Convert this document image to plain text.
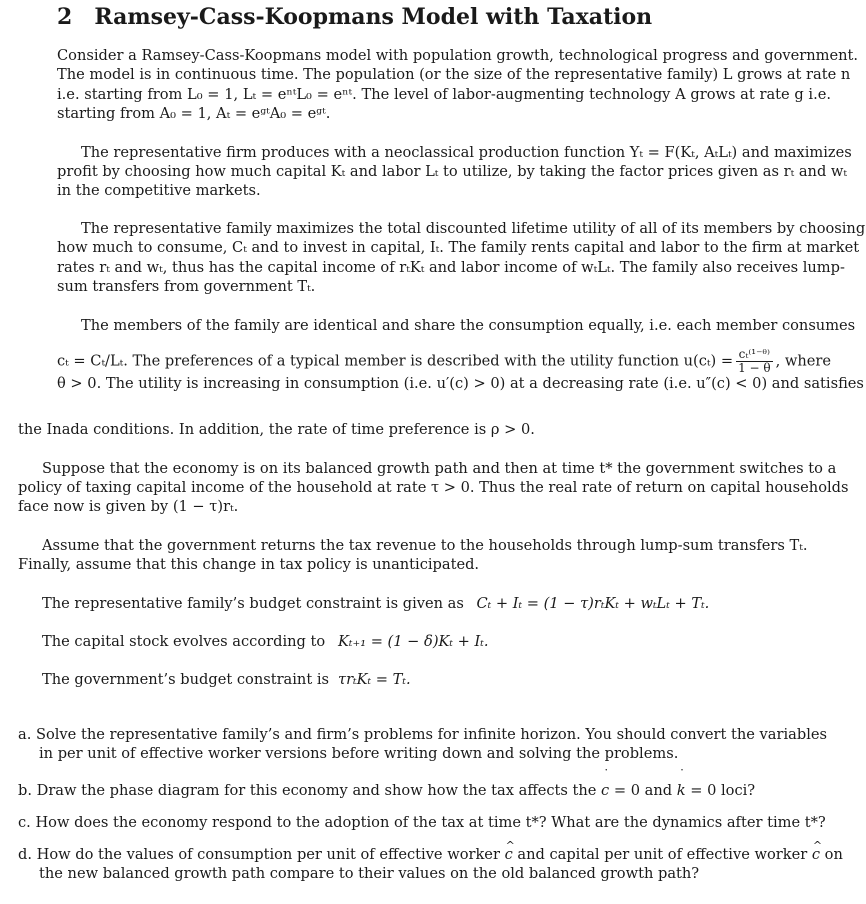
2 Ramsey-Cass-Koopmans Model with Taxation
Consider a Ramsey-Cass-Koopmans model with population growth, technological progress and government.
The model is in continuous time. The population (or the size of the representative family) L grows at rate n
i.e. starting from L₀ = 1, Lₜ = eⁿᵗL₀ = eⁿᵗ. The level of labor-augmenting technology A grows at rate g i.e.
starting from A₀ = 1, Aₜ = eᵍᵗA₀ = eᵍᵗ.
The representative firm produces with a neoclassical production function Yₜ = F(Kₜ, AₜLₜ) and maximizes
profit by choosing how much capital Kₜ and labor Lₜ to utilize, by taking the factor prices given as rₜ and wₜ
in the competitive markets.
The representative family maximizes the total discounted lifetime utility of all of its members by choosing
how much to consume, Cₜ and to invest in capital, Iₜ. The family rents capital and labor to the firm at market
rates rₜ and wₜ, thus has the capital income of rₜKₜ and labor income of wₜLₜ. The family also receives lump-
sum transfers from government Tₜ.
The members of the family are identical and share the consumption equally, i.e. each member consumes
cₜ = Cₜ/Lₜ. The preferences of a typical member is described with the utility function $u(c_t) = \frac{\text{cₜ⁽¹⁻ᶿ⁾}}{1 - \theta}$ , where
θ > 0. The utility is increasing in consumption (i.e. u′(c) > 0) at a decreasing rate (i.e. u″(c) < 0) and satisfies
the Inada conditions. In addition, the rate of time preference is ρ > 0.
Suppose that the economy is on its balanced growth path and then at time t* the government switches to a
policy of taxing capital income of the household at rate τ > 0. Thus the real rate of return on capital households
face now is given by (1 − τ)rₜ.
Assume that the government returns the tax revenue to the households through lump-sum transfers Tₜ.
Finally, assume that this change in tax policy is unanticipated.
The representative family’s budget constraint is given as Cₜ + Iₜ = (1 − τ)rₜKₜ + wₜLₜ + Tₜ.
The capital stock evolves according to Kₜ₊₁ = (1 − δ)Kₜ + Iₜ.
The government’s budget constraint is τrₜKₜ = Tₜ.
a. Solve the representative family’s and firm’s problems for infinite horizon. You should convert the variables
in per unit of effective worker versions before writing down and solving the problems.
b. Draw the phase diagram for this economy and show how the tax affects the ˙ c = 0 and ˙ k = 0 loci?
c. How does the economy respond to the adoption of the tax at time t*? What are the dynamics after time t*?
d. How do the values of consumption per unit of effective worker ^ c and capital per unit of effective worker ^ c on
the new balanced growth path compare to their values on the old balanced growth path?
